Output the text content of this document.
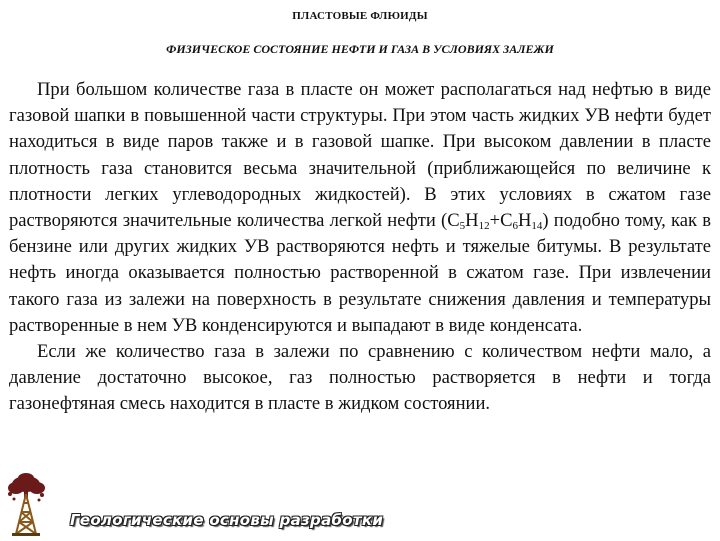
ПЛАСТОВЫЕ ФЛЮИДЫ
ФИЗИЧЕСКОЕ СОСТОЯНИЕ НЕФТИ И ГАЗА В УСЛОВИЯХ ЗАЛЕЖИ

При большом количестве газа в пласте он может располагаться над нефтью в виде газовой шапки в повышенной части структуры. При этом часть жидких УВ нефти будет находиться в виде паров также и в газовой шапке. При высоком давлении в пласте плотность газа становится весьма значительной (приближающейся по величине к плотности легких углеводородных жидкостей). В этих условиях в сжатом газе растворяются значительные количества легкой нефти $(С_5Н_{12}+С_6Н_{14})$ подобно тому, как в бензине или других жидких УВ растворяются нефть и тяжелые битумы. В результате нефть иногда оказывается полностью растворенной в сжатом газе. При извлечении такого газа из залежи на поверхность в результате снижения давления и температуры растворенные в нем УВ конденсируются и выпадают в виде конденсата.

Если же количество газа в залежи по сравнению с количеством нефти мало, а давление достаточно высокое, газ полностью растворяется в нефти и тогда газонефтяная смесь находится в пласте в жидком состоянии.

Геологические основы разработки
